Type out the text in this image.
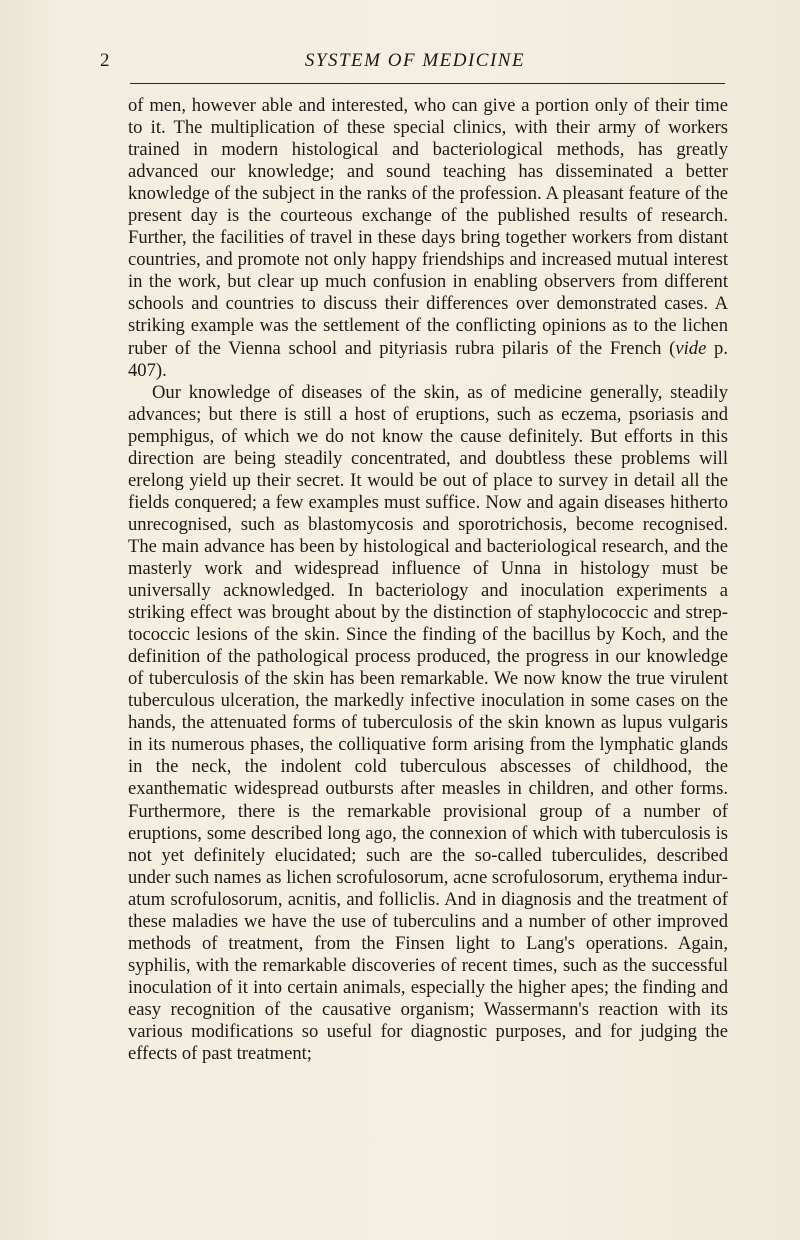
2	SYSTEM OF MEDICINE

of men, however able and interested, who can give a portion only of their time to it. The multiplication of these special clinics, with their army of workers trained in modern histological and bacteriological methods, has greatly advanced our knowledge; and sound teaching has disseminated a better knowledge of the subject in the ranks of the profession. A pleasant feature of the present day is the courteous exchange of the published results of research. Further, the facilities of travel in these days bring together workers from distant countries, and promote not only happy friendships and increased mutual interest in the work, but clear up much confusion in enabling observers from different schools and countries to discuss their differences over demonstrated cases. A striking example was the settlement of the conflicting opinions as to the lichen ruber of the Vienna school and pityriasis rubra pilaris of the French (vide p. 407).

Our knowledge of diseases of the skin, as of medicine generally, steadily advances; but there is still a host of eruptions, such as eczema, psoriasis and pemphigus, of which we do not know the cause definitely. But efforts in this direction are being steadily concentrated, and doubtless these problems will erelong yield up their secret. It would be out of place to survey in detail all the fields conquered; a few examples must suffice. Now and again diseases hitherto unrecognised, such as blastomycosis and sporotrichosis, become recognised. The main advance has been by histological and bacteriological research, and the masterly work and widespread influence of Unna in histology must be universally acknowledged. In bacteriology and inoculation experiments a striking effect was brought about by the distinction of staphylococcic and streptococcic lesions of the skin. Since the finding of the bacillus by Koch, and the definition of the pathological process produced, the progress in our knowledge of tuberculosis of the skin has been remarkable. We now know the true virulent tuberculous ulceration, the markedly infective inoculation in some cases on the hands, the attenuated forms of tuberculosis of the skin known as lupus vulgaris in its numerous phases, the colliquative form arising from the lymphatic glands in the neck, the indolent cold tuberculous abscesses of childhood, the exanthematic widespread outbursts after measles in children, and other forms. Furthermore, there is the remarkable provisional group of a number of eruptions, some described long ago, the connexion of which with tuberculosis is not yet definitely elucidated; such are the so-called tuberculides, described under such names as lichen scrofulosorum, acne scrofulosorum, erythema induratum scrofulosorum, acnitis, and folliclis. And in diagnosis and the treatment of these maladies we have the use of tuberculins and a number of other improved methods of treatment, from the Finsen light to Lang's operations. Again, syphilis, with the remarkable discoveries of recent times, such as the successful inoculation of it into certain animals, especially the higher apes; the finding and easy recognition of the causative organism; Wassermann's reaction with its various modifications so useful for diagnostic purposes, and for judging the effects of past treatment;
